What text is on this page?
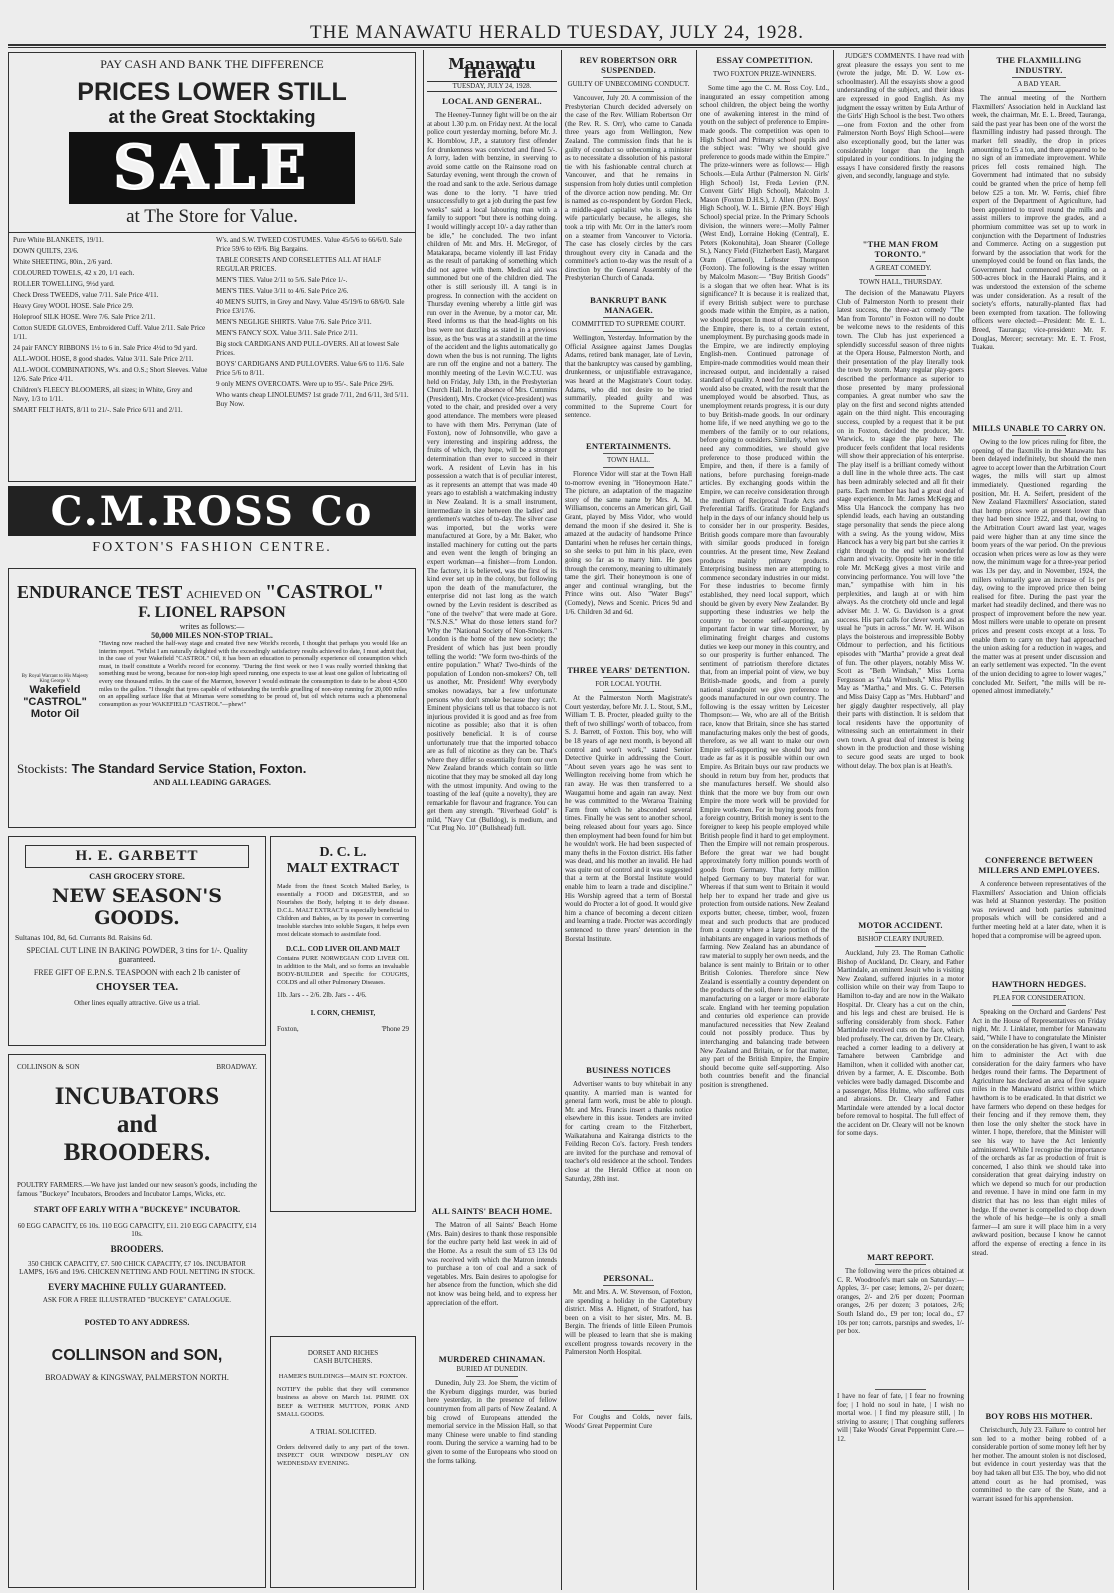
THE MANAWATU HERALD TUESDAY, JULY 24, 1928.
PAY CASH AND BANK THE DIFFERENCE
PRICES LOWER STILL
at the Great Stocktaking
SALE
at The Store for Value.
Pure White BLANKETS, 19/11.
DOWN QUILTS, 23/6.
White SHEETING, 80in., 2/6 yard.
COLOURED TOWELS, 42 x 20, 1/1 each.
ROLLER TOWELLING, 9½d yard.
Check Dress TWEEDS, value 7/11. Sale Price 4/11.
Heavy Grey WOOL HOSE. Sale Price 2/9.
Holeproof SILK HOSE. Were 7/6. Sale Price 2/11.
Cotton SUEDE GLOVES, Embroidered Cuff. Value 2/11. Sale Price 1/11.
24 pair FANCY RIBBONS 1½ to 6 in. Sale Price 4½d to 9d yard.
ALL-WOOL HOSE, 8 good shades. Value 3/11. Sale Price 2/11.
ALL-WOOL COMBINATIONS, W's. and O.S.; Short Sleeves. Value 12/6. Sale Price 4/11.
Children's FLEECY BLOOMERS, all sizes; in White, Grey and Navy, 1/3 to 1/11.
SMART FELT HATS, 8/11 to 21/-. Sale Price 6/11 and 2/11.
W's. and S.W. TWEED COSTUMES. Value 45/5/6 to 66/6/0. Sale Price 59/6 to 69/6. Big Bargains.
TABLE CORSETS AND CORSELETTES ALL AT HALF REGULAR PRICES.
MEN'S TIES. Value 2/11 to 5/6. Sale Price 1/-.
MEN'S TIES. Value 3/11 to 4/6. Sale Price 2/6.
40 MEN'S SUITS, in Grey and Navy. Value 45/19/6 to 68/6/0. Sale Price £3/17/6.
MEN'S NEGLIGE SHIRTS. Value 7/6. Sale Price 3/11.
MEN'S FANCY SOX. Value 3/11. Sale Price 2/11.
Big stock CARDIGANS AND PULL-OVERS. All at lowest Sale Prices.
BOYS' CARDIGANS AND PULLOVERS. Value 6/6 to 11/6. Sale Price 5/6 to 8/11.
9 only MEN'S OVERCOATS. Were up to 95/-. Sale Price 29/6.
Who wants cheap LINOLEUMS? 1st grade 7/11, 2nd 6/11, 3rd 5/11. Buy Now.
C.M.ROSS Co
FOXTON'S FASHION CENTRE.
ENDURANCE TEST ACHIEVED ON "CASTROL"
F. LIONEL RAPSON
writes as follows:—
50,000 MILES NON-STOP TRIAL.
By Royal Warrant to His Majesty King George V.
Wakefield
"CASTROL"
Motor Oil
"Having now reached the half-way stage and created five new World's records, I thought that perhaps you would like an interim report. "Whilst I am naturally delighted with the exceedingly satisfactory results achieved to date, I must admit that, in the case of your Wakefield "CASTROL" Oil, it has been an education to personally experience oil consumption which must, in itself constitute a World's record for economy. "During the first week or two I was really worried thinking that something must be wrong, because for non-stop high speed running, one expects to use at least one gallon of lubricating oil every one thousand miles. In the case of the Marmon, however I would estimate the consumption to date to be about 4,500 miles to the gallon. "I thought that tyres capable of withstanding the terrible gruelling of non-stop running for 20,000 miles on an appalling surface like that at Miramas were something to be proud of, but oil which returns such a phenomenal consumption as your WAKEFIELD "CASTROL"—phew!"
Stockists: The Standard Service Station, Foxton.
AND ALL LEADING GARAGES.
H. E. GARBETT
CASH GROCERY STORE.
NEW SEASON'S GOODS.
Sultanas 10d, 8d, 6d. Currants 8d. Raisins 6d.
SPECIAL CUT LINE IN BAKING POWDER, 3 tins for 1/-. Quality guaranteed.
FREE GIFT OF E.P.N.S. TEASPOON with each 2 lb canister of
CHOYSER TEA.
Other lines equally attractive. Give us a trial.
D. C. L.
MALT EXTRACT
Made from the finest Scotch Malted Barley, is essentially a FOOD and DIGESTER, and so Nourishes the Body, helping it to defy disease. D.C.L. MALT EXTRACT is especially beneficial to Children and Babies, as by its power in converting insoluble starches into soluble Sugars, it helps even most delicate stomach to assimilate food.
D.C.L. COD LIVER OIL AND MALT
Contains PURE NORWEGIAN COD LIVER OIL in addition to the Malt, and so forms an invaluable BODY-BUILDER and Specific for COUGHS, COLDS and all other Pulmonary Diseases.
1lb. Jars - - 2/6. 2lb. Jars - - 4/6.
I. CORN, CHEMIST,
Foxton,	'Phone 29
COLLINSON & SON	BROADWAY.
INCUBATORS
and
BROODERS.
POULTRY FARMERS.—We have just landed our new season's goods, including the famous "Buckeye" Incubators, Brooders and Incubator Lamps, Wicks, etc.
START OFF EARLY WITH A "BUCKEYE" INCUBATOR.
60 EGG CAPACITY, £6 10s. 110 EGG CAPACITY, £11. 210 EGG CAPACITY, £14 10s.
BROODERS.
350 CHICK CAPACITY, £7. 500 CHICK CAPACITY, £7 10s. INCUBATOR LAMPS, 16/6 and 19/6. CHICKEN NETTING AND FOUL NETTING IN STOCK.
EVERY MACHINE FULLY GUARANTEED.
ASK FOR A FREE ILLUSTRATED "BUCKEYE" CATALOGUE.
POSTED TO ANY ADDRESS.
COLLINSON and SON,
BROADWAY & KINGSWAY, PALMERSTON NORTH.
DORSET AND RICHES
CASH BUTCHERS.
HAMER'S BUILDINGS—MAIN ST. FOXTON.
NOTIFY the public that they will commence business as above on March 1st. PRIME OX BEEF & WETHER MUTTON, PORK AND SMALL GOODS.
A TRIAL SOLICITED.
Orders delivered daily to any part of the town. INSPECT OUR WINDOW DISPLAY ON WEDNESDAY EVENING.
Manawatu Herald
TUESDAY, JULY 24, 1928.
LOCAL AND GENERAL.

The Heeney-Tunney fight will be on the air at about 1.30 p.m. on Friday next. At the local police court yesterday morning, before Mr. J. K. Hornblow, J.P., a statutory first offender for drunkenness was convicted and fined 5/-. A lorry, laden with benzine, in swerving to avoid some cattle on the Rainsone road on Saturday evening, went through the crown of the road and sank to the axle. Serious damage was done to the lorry. "I have tried unsuccessfully to get a job during the past few weeks" said a local labouring man with a family to support "but there is nothing doing. I would willingly accept 10/- a day rather than be idle," he concluded. The two infant children of Mr. and Mrs. H. McGregor, of Matakarapa, became violently ill last Friday as the result of partaking of something which did not agree with them. Medical aid was summoned but one of the children died. The other is still seriously ill. A tangi is in progress. In connection with the accident on Thursday evening whereby a little girl was run over in the Avenue, by a motor car, Mr. Reed informs us that the head-lights on his bus were not dazzling as stated in a previous issue, as the 'bus was at a standstill at the time of the accident and the lights automatically go down when the bus is not running. The lights are run off the engine and not a battery. The monthly meeting of the Levin W.C.T.U. was held on Friday, July 13th, in the Presbyterian Church Hall. In the absence of Mrs. Cummins (President), Mrs. Crocket (vice-president) was voted to the chair, and presided over a very good attendance. The members were pleased to have with them Mrs. Perryman (late of Foxton), now of Johnsonville, who gave a very interesting and inspiring address, the fruits of which, they hope, will be a stronger determination than ever to succeed in their work. A resident of Levin has in his possession a watch that is of peculiar interest, as it represents an attempt that was made 40 years ago to establish a watchmaking industry in New Zealand. It is a small instrument, intermediate in size between the ladies' and gentlemen's watches of to-day. The silver case was imported, but the works were manufactured at Gore, by a Mr. Baker, who installed machinery for cutting out the parts and even went the length of bringing an expert workman—a finisher—from London. The factory, it is believed, was the first of its kind ever set up in the colony, but following upon the death of the manufacturer, the enterprise did not last long as the watch owned by the Levin resident is described as "one of the twelve" that were made at Gore. "N.S.N.S." What do those letters stand for? Why the "National Society of Non-Smokers." London is the home of the new society; the President of which has just been proudly telling the world: "We form two-thirds of the entire population." What? Two-thirds of the population of London non-smokers? Oh, tell us another, Mr. President! Why everybody smokes nowadays, bar a few unfortunate persons who don't smoke because they can't. Eminent physicians tell us that tobacco is not injurious provided it is good and as free from nicotine as possible; also that it is often positively beneficial. It is of course unfortunately true that the imported tobacco are as full of nicotine as they can be. That's where they differ so essentially from our own New Zealand brands which contain so little nicotine that they may be smoked all day long with the utmost impunity. And owing to the toasting of the leaf (quite a novelty), they are remarkable for flavour and fragrance. You can get them any strength. "Riverhead Gold" is mild, "Navy Cut (Bulldog), is medium, and "Cut Plug No. 10" (Bullshead) full.

ALL SAINTS' BEACH HOME.

The Matron of all Saints' Beach Home (Mrs. Bain) desires to thank those responsible for the euchre party held last week in aid of the Home. As a result the sum of £3 13s 0d was received with which the Matron intends to purchase a ton of coal and a sack of vegetables. Mrs. Bain desires to apologise for her absence from the function, which she did not know was being held, and to express her appreciation of the effort.

MURDERED CHINAMAN.
BURIED AT DUNEDIN.

Dunedin, July 23. Joe Shem, the victim of the Kyeburn diggings murder, was buried here yesterday, in the presence of fellow countrymen from all parts of New Zealand. A big crowd of Europeans attended the memorial service in the Mission Hall, so that many Chinese were unable to find standing room. During the service a warning had to be given to some of the Europeans who stood on the forms talking.

REV ROBERTSON ORR SUSPENDED.
GUILTY OF UNBECOMING CONDUCT.

Vancouver, July 20. A commission of the Presbyterian Church decided adversely on the case of the Rev. William Robertson Orr (the Rev. R. S. Orr), who came to Canada three years ago from Wellington, New Zealand. The commission finds that he is guilty of conduct so unbecoming a minister as to necessitate a dissolution of his pastoral tie with his fashionable central church at Vancouver, and that he remains in suspension from holy duties until completion of the divorce action now pending. Mr. Orr is named as co-respondent by Gordon Fleck, a middle-aged capitalist who is suing his wife particularly because, he alleges, she took a trip with Mr. Orr in the latter's room on a steamer from Vancouver to Victoria. The case has closely circles by the cars throughout every city in Canada and the committee's action to-day was the result of a direction by the General Assembly of the Presbyterian Church of Canada.

BANKRUPT BANK MANAGER.
COMMITTED TO SUPREME COURT.

Wellington, Yesterday. Information by the Official Assignee against James Douglas Adams, retired bank manager, late of Levin, that the bankruptcy was caused by gambling, drunkenness, or unjustifiable extravagance, was heard at the Magistrate's Court today. Adams, who did not desire to be tried summarily, pleaded guilty and was committed to the Supreme Court for sentence.

ENTERTAINMENTS.
TOWN HALL.

Florence Vidor will star at the Town Hall to-morrow evening in "Honeymoon Hate." The picture, an adaptation of the magazine story of the same name by Mrs. A. M. Williamson, concerns an American girl, Gail Grant, played by Miss Vidor, who would demand the moon if she desired it. She is amazed at the audacity of handsome Prince Dantarini when he refuses her certain things, so she seeks to put him in his place, even going so far as to marry him. He goes through the ceremony, meaning to ultimately tame the girl. Their honeymoon is one of anger and continual wrangling, but the Prince wins out. Also "Water Bugs" (Comedy), News and Scenic. Prices 9d and 1/6. Children 3d and 6d.

THREE YEARS' DETENTION.
FOR LOCAL YOUTH.

At the Palmerston North Magistrate's Court yesterday, before Mr. J. L. Stout, S.M., William T. B. Procter, pleaded guilty to the theft of two shillings' worth of tobacco, from S. J. Barrett, of Foxton. This boy, who will be 18 years of age next month, is beyond all control and won't work," stated Senior Detective Quirke in addressing the Court. "About seven years ago he was sent to Wellington receiving home from which he ran away. He was then transferred to a Waugamui home and again ran away. Next he was committed to the Weraroa Training Farm from which he absconded several times. Finally he was sent to another school, being released about four years ago. Since then employment had been found for him but he wouldn't work. He had been suspected of many thefts in the Foxton district. His father was dead, and his mother an invalid. He had was quite out of control and it was suggested that a term at the Borstal Institute would enable him to learn a trade and discipline." His Worship agreed that a term of Borstal would do Procter a lot of good. It would give him a chance of becoming a decent citizen and learning a trade. Procter was accordingly sentenced to three years' detention in the Borstal Institute.

BUSINESS NOTICES

Advertiser wants to buy whitebait in any quantity. A married man is wanted for general farm work, must be able to plough. Mr. and Mrs. Francis insert a thanks notice elsewhere in this issue. Tenders are invited for carting cream to the Fitzherbert, Waikatahuna and Kairanga districts to the Feilding Recon Co's. factory. Fresh tenders are invited for the purchase and removal of teacher's old residence at the school. Tenders close at the Herald Office at noon on Saturday, 28th inst.

PERSONAL.

Mr. and Mrs. A. W. Stevenson, of Foxton, are spending a holiday in the Capterbury district. Miss A. Hignett, of Stratford, has been on a visit to her sister, Mrs. M. B. Bergin. The friends of little Eileen Prumois will be pleased to learn that she is making excellent progress towards recovery in the Palmerston North Hospital.

For Coughs and Colds, never fails, Woods' Great Peppermint Cure

ESSAY COMPETITION.
TWO FOXTON PRIZE-WINNERS.

Some time ago the C. M. Ross Coy. Ltd., inaugurated an essay competition among school children, the object being the worthy one of awakening interest in the mind of youth on the subject of preference to Empire-made goods. The competition was open to High School and Primary school pupils and the subject was: "Why we should give preference to goods made within the Empire." The prize-winners were as follows:— High Schools.—Eula Arthur (Palmerston N. Girls' High School) 1st, Freda Levien (P.N. Convent Girls' High School), Malcolm J. Mason (Foxton D.H.S.), J. Allen (P.N. Boys' High School), W. L. Birnie (P.N. Boys' High School) special prize. In the Primary Schools division, the winners were:—Molly Palmer (West End), Lorraine Hoking (Central), E. Peters (Kokonuhita), Joan Shearer (College St.), Nancy Field (Fitzherbert East), Margaret Oram (Carneol), Leftester Thompson (Foxton). The following is the essay written by Malcolm Mason:— "Buy British Goods" is a slogan that we often hear. What is its significance? It is because it is realized that, if every British subject were to purchase goods made within the Empire, as a nation, we should prosper. In most of the countries of the Empire, there is, to a certain extent, unemployment. By purchasing goods made in the Empire, we are indirectly employing English-men. Continued patronage of Empire-made commodities would mean their increased output, and incidentally a raised standard of quality. A need for more workmen would also be created, with the result that the unemployed would be absorbed. Thus, as unemployment retards progress, it is our duty to buy British-made goods. In our ordinary home life, if we need anything we go to the members of the family or to our relations, before going to outsiders. Similarly, when we need any commodities, we should give preference to those produced within the Empire, and then, if there is a family of nations, before purchasing foreign-made articles. By exchanging goods within the Empire, we can receive consideration through the medium of Reciprocal Trade Acts and Preferential Tariffs. Gratitude for England's help in the days of our infancy should help us to consider her in our prosperity. Besides, British goods compare more than favourably with similar goods produced in foreign countries. At the present time, New Zealand produces mainly primary products. Enterprising business men are attempting to commence secondary industries in our midst. For these industries to become firmly established, they need local support, which should be given by every New Zealander. By supporting these industries we help the country to become self-supporting, an important factor in war time. Moreover, by eliminating freight charges and customs duties we keep our money in this country, and so our prosperity is further enhanced. The sentiment of patriotism therefore dictates that, from an imperial point of view, we buy British-made goods, and from a purely national standpoint we give preference to goods manufactured in our own country. The following is the essay written by Leicester Thompson:— We, who are all of the British race, know that Britain, since she has started manufacturing makes only the best of goods, therefore, as we all want to make our own Empire self-supporting we should buy and trade as far as it is possible within our own Empire. As Britain buys our raw products we should in return buy from her, products that she manufactures herself. We should also think that the more we buy from our own Empire the more work will be provided for Empire work-men. For in buying goods from a foreign country, British money is sent to the foreigner to keep his people employed while British people find it hard to get employment. Then the Empire will not remain prosperous. Before the great war we had bought approximately forty million pounds worth of goods from Germany. That forty million helped Germany to buy material for war. Whereas if that sum went to Britain it would help her to expand her trade and give us protection from outside nations. New Zealand exports butter, cheese, timber, wool, frozen meat and such products that are produced from a country where a large portion of the inhabitants are engaged in various methods of farming. New Zealand has an abundance of raw material to supply her own needs, and the balance is sent mainly to Britain or to other British Colonies. Therefore since New Zealand is essentially a country dependent on the products of the soil, there is no facility for manufacturing on a larger or more elaborate scale. England with her teeming population and centuries old experience can provide manufactured necessities that New Zealand could not possibly produce. Thus by interchanging and balancing trade between New Zealand and Britain, or for that matter, any part of the British Empire, the Empire should become quite self-supporting. Also both countries benefit and the financial position is strengthened.

JUDGE'S COMMENTS. I have read with great pleasure the essays you sent to me (wrote the judge, Mr. D. W. Low ex-schoolmaster). All the essayists show a good understanding of the subject, and their ideas are expressed in good English. As my judgment the essay written by Eula Arthur of the Girls' High School is the best. Two others—one from Foxton and the other from Palmerston North Boys' High School—were also exceptionally good, but the latter was considerably longer than the length stipulated in your conditions. In judging the essays I have considered firstly the reasons given, and secondly, language and style.

"THE MAN FROM TORONTO."
A GREAT COMEDY.
TOWN HALL, THURSDAY.

The decision of the Manawatu Players Club of Palmerston North to present their latest success, the three-act comedy "The Man from Toronto" in Foxton will no doubt be welcome news to the residents of this town. The Club has just experienced a splendidly successful season of three nights at the Opera House, Palmerston North, and their presentation of the play literally took the town by storm. Many regular play-goers described the performance as superior to those presented by many professional companies. A great number who saw the play on the first and second nights attended again on the third night. This encouraging success, coupled by a request that it be put on in Foxton, decided the producer, Mr. Warwick, to stage the play here. The producer feels confident that local residents will show their appreciation of his enterprise. The play itself is a brilliant comedy without a dull line in the whole three acts. The cast has been admirably selected and all fit their parts. Each member has had a great deal of stage experience. In Mr. James McKegg and Miss Ula Hancock the company has two splendid leads, each having an outstanding stage personality that sends the piece along with a swing. As the young widow, Miss Hancock has a very big part but she carries it right through to the end with wonderful charm and vivacity. Opposite her in the title role Mr. McKegg gives a most virile and convincing performance. You will love "the man," sympathise with him in his perplexities, and laugh at or with him always. As the crotchety old uncle and legal adviser Mr. J. W. G. Davidson is a great success. His part calls for clever work and as usual he "puts in across." Mr. W. H. Wilson plays the boisterous and irrepressible Bobby Oldmour to perfection, and his fictitious episodes with "Martha" provide a great deal of fun. The other players, notably Miss W. Scott as "Beth Windsah," Miss Lorna Fergusson as "Ada Wimbush," Miss Phyllis May as "Martha," and Mrs. G. C. Petersen and Miss Daisy Capp as "Mrs. Hubbard" and her giggly daughter respectively, all play their parts with distinction. It is seldom that local residents have the opportunity of witnessing such an entertainment in their own town. A great deal of interest is being shown in the production and those wishing to secure good seats are urged to book without delay. The box plan is at Heath's.

MOTOR ACCIDENT.
BISHOP CLEARY INJURED.

Auckland, July 23. The Roman Catholic Bishop of Auckland, Dr. Cleary, and Father Martindale, an eminent Jesuit who is visiting New Zealand, suffered injuries in a motor collision while on their way from Taupo to Hamilton to-day and are now in the Waikato Hospital. Dr. Cleary has a cut on the chin, and his legs and chest are bruised. He is suffering considerably from shock. Father Martindale received cuts on the face, which bled profusely. The car, driven by Dr. Cleary, reached a corner leading to a delivery at Tamahere between Cambridge and Hamilton, when it collided with another car, driven by a farmer, A. E. Discombe. Both vehicles were badly damaged. Discombe and a passenger, Miss Hulme, who suffered cuts and abrasions. Dr. Cleary and Father Martindale were attended by a local doctor before removal to hospital. The full effect of the accident on Dr. Cleary will not be known for some days.

MART REPORT.

The following were the prices obtained at C. R. Woodroofe's mart sale on Saturday:— Apples, 3/- per case; lemons, 2/- per dozen; oranges, 2/- and 2/6 per dozen; Poorman oranges, 2/6 per dozen; 3 potatoes, 2/6; South Island do., £9 per ton; local do., £7 10s per ton; carrots, parsnips and swedes, 1/- per box.

I have no fear of fate, | I fear no frowning foe; | I hold no soul in hate, | I wish no mortal woe. | I find my pleasure still, | In striving to assure; | That coughing sufferers will | Take Woods' Great Peppermint Cure.—12.

THE FLAXMILLING INDUSTRY.
A BAD YEAR.

The annual meeting of the Northern Flaxmillers' Association held in Auckland last week, the chairman, Mr. E. L. Breed, Tauranga, said the past year has been one of the worst the flaxmilling industry had passed through. The market fell steadily, the drop in prices amounting to £5 a ton, and there appeared to be no sign of an immediate improvement. While prices fell costs remained high. The Government had intimated that no subsidy could be granted when the price of hemp fell below £25 a ton. Mr. W. Ferris, chief fibre expert of the Department of Agriculture, had been appointed to travel round the mills and assist millers to improve the grades, and a phormium committee was set up to work in conjunction with the Department of Industries and Commerce. Acting on a suggestion put forward by the association that work for the unemployed could be found on flax lands, the Government had commenced planting on a 500-acres block in the Hauraki Plains, and it was understood the extension of the scheme was under consideration. As a result of the society's efforts, naturally-planted flax had been exempted from taxation. The following officers were elected:—President: Mr. E. L. Breed, Tauranga; vice-president: Mr. F. Douglas, Mercer; secretary: Mr. E. T. Frost, Tuakau.

MILLS UNABLE TO CARRY ON.

Owing to the low prices ruling for fibre, the opening of the flaxmills in the Manawatu has been delayed indefinitely, but should the men agree to accept lower than the Arbitration Court wages, the mills will start up almost immediately. Questioned regarding the position, Mr. H. A. Seifert, president of the New Zealand Flaxmillers' Association, stated that hemp prices were at present lower than they had been since 1922, and that, owing to the Arbitration Court award last year, wages paid were higher than at any time since the boom years of the war period. On the previous occasion when prices were as low as they were now, the minimum wage for a three-year period was 13s per day, and in November, 1924, the millers voluntarily gave an increase of 1s per day, owing to the improved price then being realised for fibre. During the past year the market had steadily declined, and there was no prospect of improvement before the new year. Most millers were unable to operate on present prices and present costs except at a loss. To enable them to carry on they had approached the union asking for a reduction in wages, and the matter was at present under discussion and an early settlement was expected. "In the event of the union deciding to agree to lower wages," concluded Mr. Seifert, "the mills will be re-opened almost immediately."

CONFERENCE BETWEEN MILLERS AND EMPLOYEES.

A conference between representatives of the Flaxmillers' Association and Union officials was held at Shannon yesterday. The position was reviewed and both parties submitted proposals which will be considered and a further meeting held at a later date, when it is hoped that a compromise will be agreed upon.

HAWTHORN HEDGES.
PLEA FOR CONSIDERATION.

Speaking on the Orchard and Gardens' Pest Act in the House of Representatives on Friday night, Mr. J. Linklater, member for Manawatu said, "While I have to congratulate the Minister on the consideration he has given, I want to ask him to administer the Act with due consideration for the dairy farmers who have hedges round their farms. The Department of Agriculture has declared an area of five square miles in the Manawatu district within which hawthorn is to be eradicated. In that district we have farmers who depend on these hedges for their fencing and if they remove them, they then lose the only shelter the stock have in winter. I hope, therefore, that the Minister will see his way to have the Act leniently administered. While I recognise the importance of the orchards as far as production of fruit is concerned, I also think we should take into consideration that great dairying industry on which we depend so much for our production and revenue. I have in mind one farm in my district that has no less than eight miles of hedge. If the owner is compelled to chop down the whole of his hedge—he is only a small farmer—I am sure it will place him in a very awkward position, because I know he cannot afford the expense of erecting a fence in its stead.

BOY ROBS HIS MOTHER.

Christchurch, July 23. Failure to control her son led to a mother being robbed of a considerable portion of some money left her by her mother. The amount stolen is not disclosed, but evidence in court yesterday was that the boy had taken all but £35. The boy, who did not attend court as he had promised, was committed to the care of the State, and a warrant issued for his apprehension.
